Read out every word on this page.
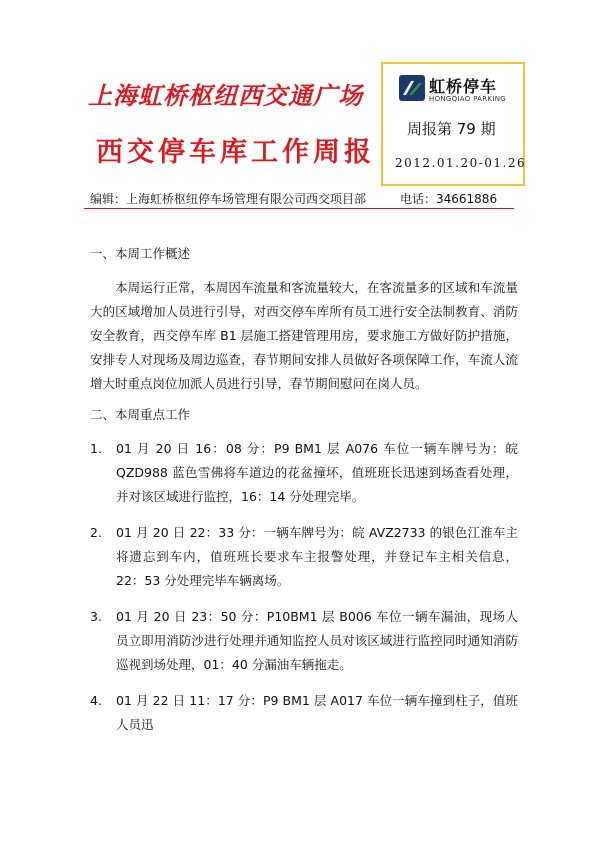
上海虹桥枢纽西交通广场
西交停车库工作周报
虹桥停车
HONGQIAO PARKING
周报第 79 期
2012.01.20-01.26
编辑：上海虹桥枢纽停车场管理有限公司西交项目部	电话：34661886
一、本周工作概述
本周运行正常，本周因车流量和客流量较大，在客流量多的区域和车流量大的区域增加人员进行引导，对西交停车库所有员工进行安全法制教育、消防安全教育，西交停车库 B1 层施工搭建管理用房，要求施工方做好防护措施，安排专人对现场及周边巡查，春节期间安排人员做好各项保障工作，车流人流增大时重点岗位加派人员进行引导，春节期间慰问在岗人员。
二、本周重点工作
1.	01 月 20 日 16：08 分：P9 BM1 层 A076 车位一辆车牌号为：皖 QZD988 蓝色雪佛将车道边的花盆撞坏，值班班长迅速到场查看处理，并对该区域进行监控，16：14 分处理完毕。
2.	01 月 20 日 22：33 分：一辆车牌号为：皖 AVZ2733 的银色江淮车主将遗忘到车内，值班班长要求车主报警处理，并登记车主相关信息，22：53 分处理完毕车辆离场。
3.	01 月 20 日 23：50 分：P10BM1 层 B006 车位一辆车漏油，现场人员立即用消防沙进行处理并通知监控人员对该区域进行监控同时通知消防巡视到场处理，01：40 分漏油车辆拖走。
4.	01 月 22 日 11：17 分：P9 BM1 层 A017 车位一辆车撞到柱子，值班人员迅
